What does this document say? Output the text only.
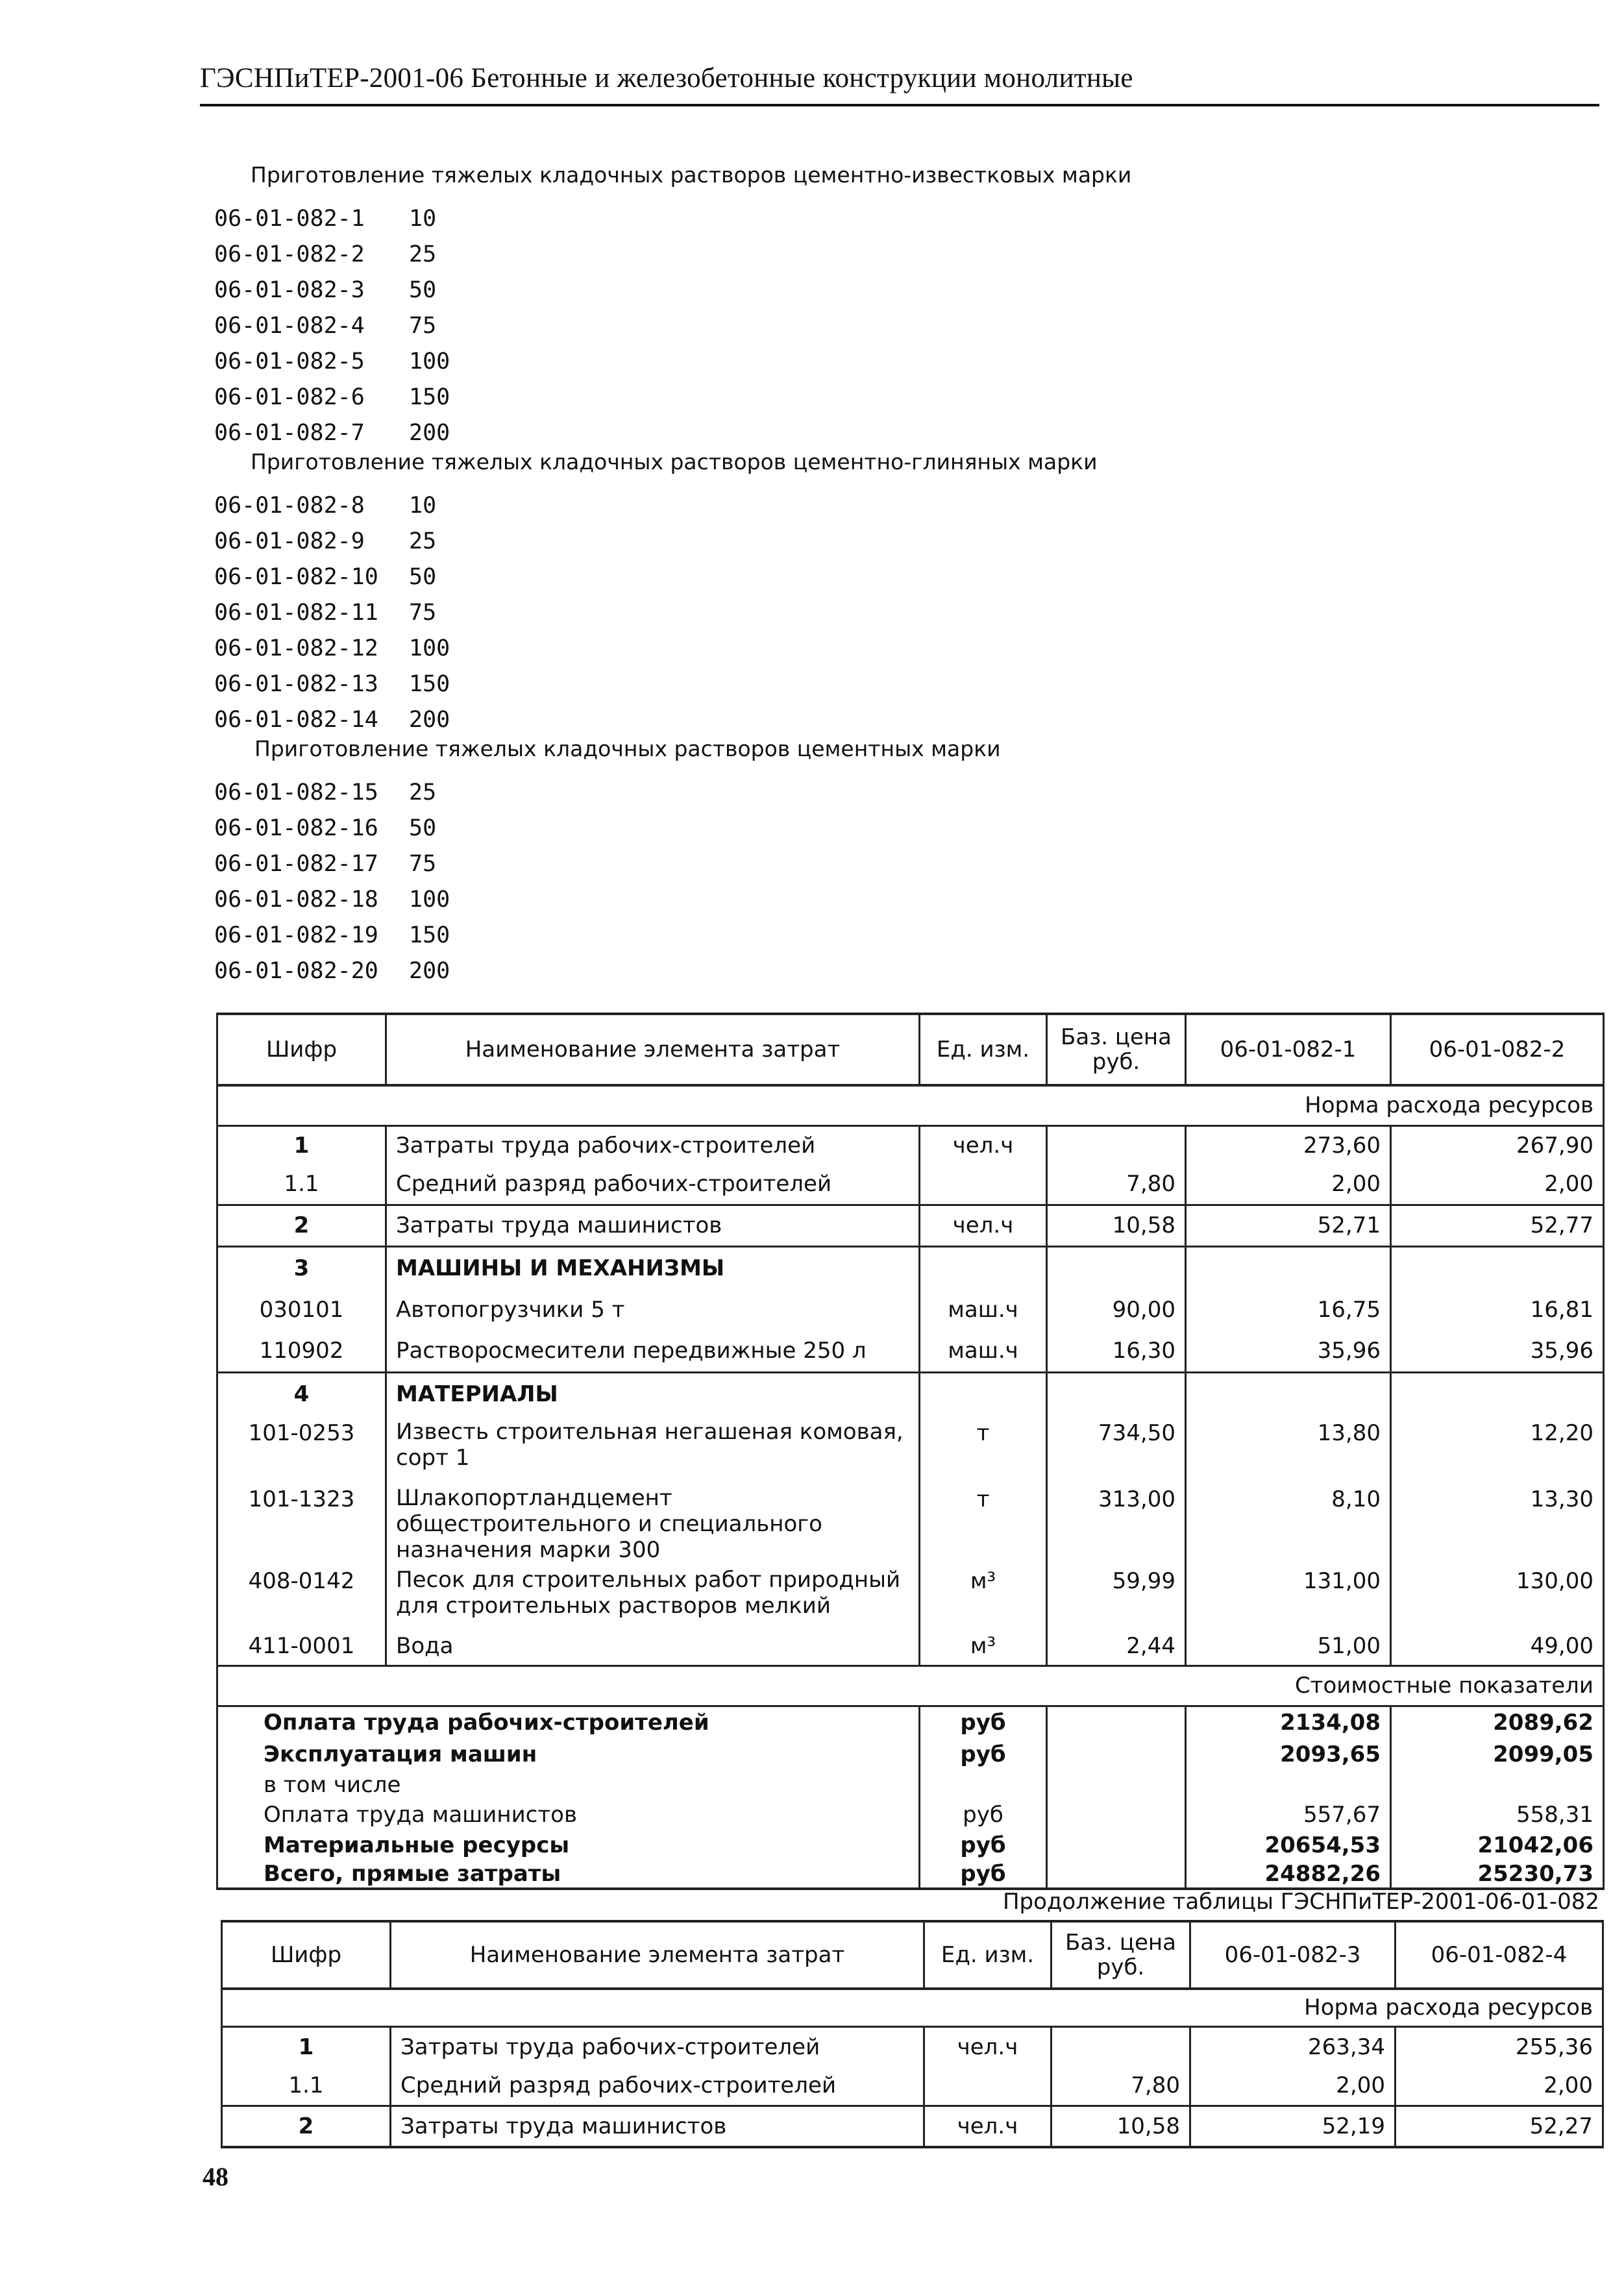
ГЭСНПиТЕР-2001-06 Бетонные и железобетонные конструкции монолитные
Приготовление тяжелых кладочных растворов цементно-известковых марки
06-01-082-1 10
06-01-082-2 25
06-01-082-3 50
06-01-082-4 75
06-01-082-5 100
06-01-082-6 150
06-01-082-7 200
Приготовление тяжелых кладочных растворов цементно-глиняных марки
06-01-082-8 10
06-01-082-9 25
06-01-082-10 50
06-01-082-11 75
06-01-082-12 100
06-01-082-13 150
06-01-082-14 200
Приготовление тяжелых кладочных растворов цементных марки
06-01-082-15 25
06-01-082-16 50
06-01-082-17 75
06-01-082-18 100
06-01-082-19 150
06-01-082-20 200
Шифр	Наименование элемента затрат	Ед. изм.	Баз. цена руб.	06-01-082-1	06-01-082-2
Норма расхода ресурсов					
1	Затраты труда рабочих-строителей	чел.ч		273,60	267,90
1.1	Средний разряд рабочих-строителей		7,80	2,00	2,00
2	Затраты труда машинистов	чел.ч	10,58	52,71	52,77
3	МАШИНЫ И МЕХАНИЗМЫ				
030101	Автопогрузчики 5 т	маш.ч	90,00	16,75	16,81
110902	Растворосмесители передвижные 250 л	маш.ч	16,30	35,96	35,96
4	МАТЕРИАЛЫ				
101-0253	Известь строительная негашеная комовая, сорт 1	т	734,50	13,80	12,20
101-1323	Шлакопортландцемент общестроительного и специального назначения марки 300	т	313,00	8,10	13,30
408-0142	Песок для строительных работ природный для строительных растворов мелкий	м³	59,99	131,00	130,00
411-0001	Вода	м³	2,44	51,00	49,00
Стоимостные показатели					
Оплата труда рабочих-строителей		руб		2134,08	2089,62
Эксплуатация машин		руб		2093,65	2099,05
в том числе					
Оплата труда машинистов		руб		557,67	558,31
Материальные ресурсы		руб		20654,53	21042,06
Всего, прямые затраты		руб		24882,26	25230,73
Продолжение таблицы ГЭСНПиТЕР-2001-06-01-082
Шифр	Наименование элемента затрат	Ед. изм.	Баз. цена руб.	06-01-082-3	06-01-082-4
Норма расхода ресурсов					
1	Затраты труда рабочих-строителей	чел.ч		263,34	255,36
1.1	Средний разряд рабочих-строителей		7,80	2,00	2,00
2	Затраты труда машинистов	чел.ч	10,58	52,19	52,27
48
